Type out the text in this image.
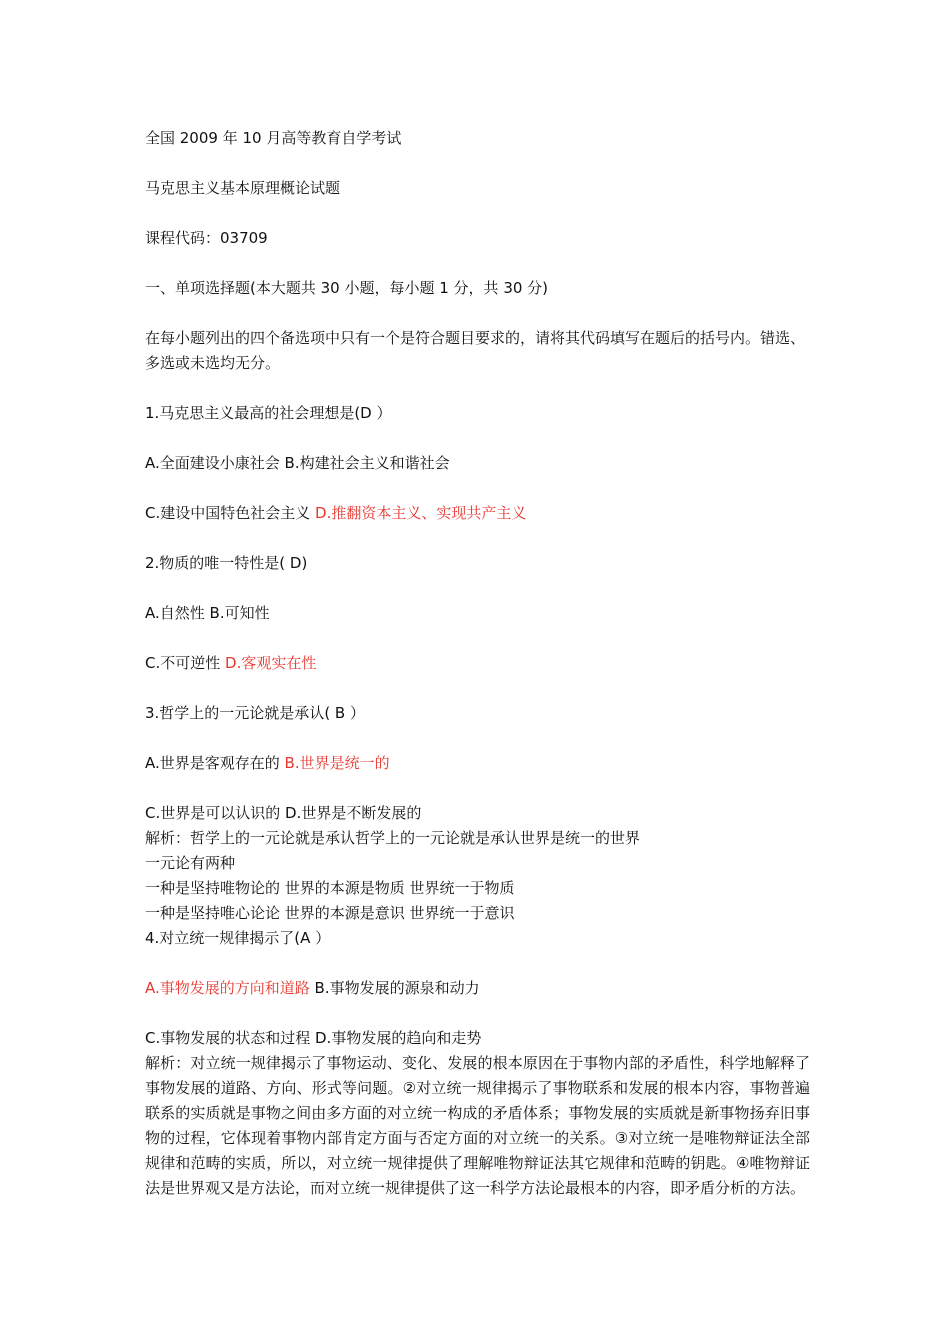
全国 2009 年 10 月高等教育自学考试

马克思主义基本原理概论试题

课程代码：03709

一、单项选择题(本大题共 30 小题，每小题 1 分，共 30 分)

在每小题列出的四个备选项中只有一个是符合题目要求的，请将其代码填写在题后的括号内。错选、多选或未选均无分。

1.马克思主义最高的社会理想是(D ）

A.全面建设小康社会 B.构建社会主义和谐社会

C.建设中国特色社会主义 D.推翻资本主义、实现共产主义

2.物质的唯一特性是( D)

A.自然性 B.可知性

C.不可逆性 D.客观实在性

3.哲学上的一元论就是承认( B ）

A.世界是客观存在的 B.世界是统一的

C.世界是可以认识的 D.世界是不断发展的

解析：哲学上的一元论就是承认哲学上的一元论就是承认世界是统一的世界

一元论有两种

一种是坚持唯物论的 世界的本源是物质 世界统一于物质

一种是坚持唯心论论 世界的本源是意识 世界统一于意识

4.对立统一规律揭示了(A ）

A.事物发展的方向和道路 B.事物发展的源泉和动力

C.事物发展的状态和过程 D.事物发展的趋向和走势

解析：对立统一规律揭示了事物运动、变化、发展的根本原因在于事物内部的矛盾性，科学地解释了事物发展的道路、方向、形式等问题。②对立统一规律揭示了事物联系和发展的根本内容，事物普遍联系的实质就是事物之间由多方面的对立统一构成的矛盾体系；事物发展的实质就是新事物扬弃旧事物的过程，它体现着事物内部肯定方面与否定方面的对立统一的关系。③对立统一是唯物辩证法全部规律和范畴的实质，所以，对立统一规律提供了理解唯物辩证法其它规律和范畴的钥匙。④唯物辩证法是世界观又是方法论，而对立统一规律提供了这一科学方法论最根本的内容，即矛盾分析的方法。
